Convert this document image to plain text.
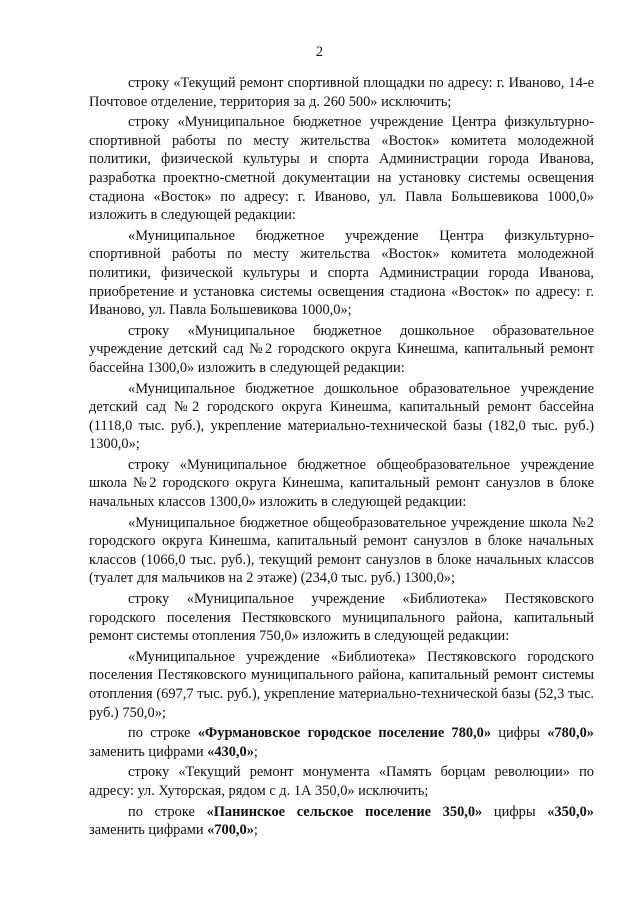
2

строку «Текущий ремонт спортивной площадки по адресу: г. Иваново, 14-е Почтовое отделение, территория за д. 260 500» исключить;

строку «Муниципальное бюджетное учреждение Центра физкультурно-спортивной работы по месту жительства «Восток» комитета молодежной политики, физической культуры и спорта Администрации города Иванова, разработка проектно-сметной документации на установку системы освещения стадиона «Восток» по адресу: г. Иваново, ул. Павла Большевикова 1000,0» изложить в следующей редакции:

«Муниципальное бюджетное учреждение Центра физкультурно-спортивной работы по месту жительства «Восток» комитета молодежной политики, физической культуры и спорта Администрации города Иванова, приобретение и установка системы освещения стадиона «Восток» по адресу: г. Иваново, ул. Павла Большевикова 1000,0»;

строку «Муниципальное бюджетное дошкольное образовательное учреждение детский сад №2 городского округа Кинешма, капитальный ремонт бассейна 1300,0» изложить в следующей редакции:

«Муниципальное бюджетное дошкольное образовательное учреждение детский сад №2 городского округа Кинешма, капитальный ремонт бассейна (1118,0 тыс. руб.), укрепление материально-технической базы (182,0 тыс. руб.) 1300,0»;

строку «Муниципальное бюджетное общеобразовательное учреждение школа №2 городского округа Кинешма, капитальный ремонт санузлов в блоке начальных классов 1300,0» изложить в следующей редакции:

«Муниципальное бюджетное общеобразовательное учреждение школа №2 городского округа Кинешма, капитальный ремонт санузлов в блоке начальных классов (1066,0 тыс. руб.), текущий ремонт санузлов в блоке начальных классов (туалет для мальчиков на 2 этаже) (234,0 тыс. руб.) 1300,0»;

строку «Муниципальное учреждение «Библиотека» Пестяковского городского поселения Пестяковского муниципального района, капитальный ремонт системы отопления 750,0» изложить в следующей редакции:

«Муниципальное учреждение «Библиотека» Пестяковского городского поселения Пестяковского муниципального района, капитальный ремонт системы отопления (697,7 тыс. руб.), укрепление материально-технической базы (52,3 тыс. руб.) 750,0»;

по строке «Фурмановское городское поселение 780,0» цифры «780,0» заменить цифрами «430,0»;

строку «Текущий ремонт монумента «Память борцам революции» по адресу: ул. Хуторская, рядом с д. 1А 350,0» исключить;

по строке «Панинское сельское поселение 350,0» цифры «350,0» заменить цифрами «700,0»;
